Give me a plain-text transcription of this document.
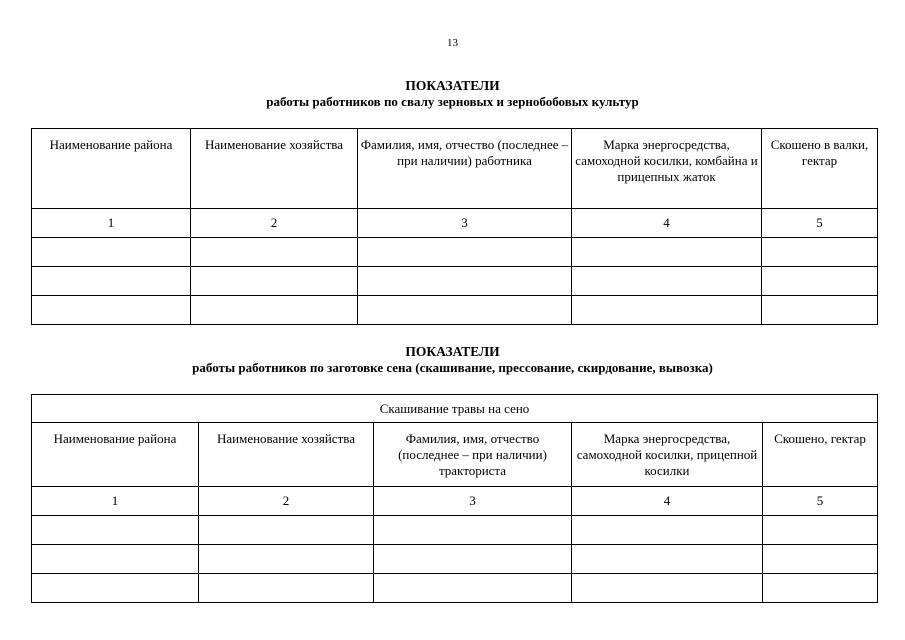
13
ПОКАЗАТЕЛИ
работы работников по свалу зерновых и зернобобовых культур
Наименование района	Наименование хозяйства	Фамилия, имя, отчество (последнее – при наличии) работника	Марка энергосредства, самоходной косилки, комбайна и прицепных жаток	Скошено в валки, гектар
1	2	3	4	5

ПОКАЗАТЕЛИ
работы работников по заготовке сена (скашивание, прессование, скирдование, вывозка)
Скашивание травы на сено				
Наименование района	Наименование хозяйства	Фамилия, имя, отчество (последнее – при наличии) тракториста	Марка энергосредства, самоходной косилки, прицепной косилки	Скошено, гектар
1	2	3	4	5
